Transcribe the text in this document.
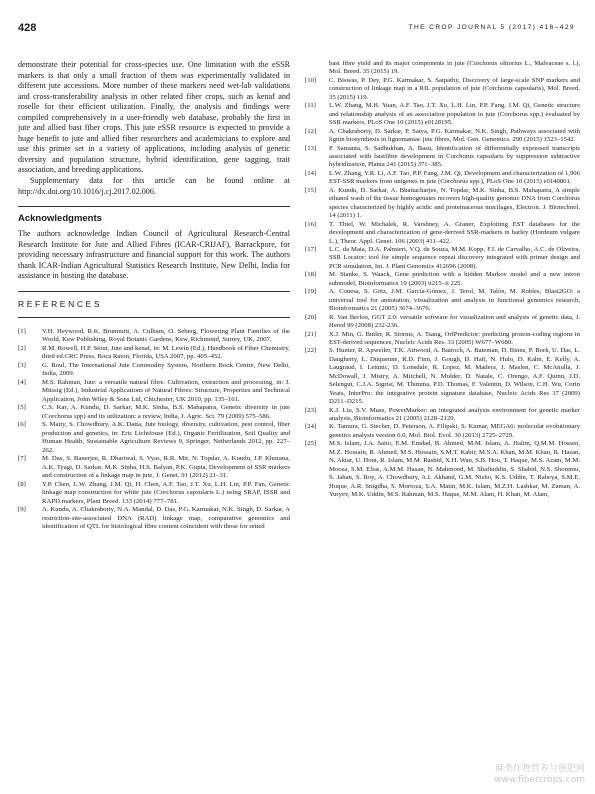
428	THE CROP JOURNAL 5 (2017) 416–429

demonstrate their potential for cross-species use. One limitation with the eSSR markers is that only a small fraction of them was experimentally validated in different jute accessions. More number of these markers need wet-lab validations and cross-transferability analysis in other related fiber crops, such as kenaf and roselle for their efficient utilization. Finally, the analysis and findings were compiled comprehensively in a user-friendly web database, probably the first in jute and allied bast fiber crops. This jute eSSR resource is expected to provide a huge benefit to jute and allied fiber researchers and academicians to explore and use this primer set in a variety of applications, including analysis of genetic diversity and population structure, hybrid identification, gene tagging, trait association, and breeding applications.

Supplementary data for this article can be found online at http://dx.doi.org/10.1016/j.cj.2017.02.006.

Acknowledgments

The authors acknowledge Indian Council of Agricultural Research-Central Research Institute for Jute and Allied Fibres (ICAR-CRIJAF), Barrackpore, for providing necessary infrastructure and financial support for this work. The authors thank ICAR-Indian Agricultural Statistics Research Institute, New Delhi, India for assistance in hosting the database.

REFERENCES
[1] V.H. Heywood, R.K. Brummitt, A. Culham, O. Seberg, Flowering Plant Families of the World, Kew Publishing, Royal Botanic Gardens, Kew, Richmond, Surrey, UK, 2007.
[2] R.M. Rowell, H.P. Stout, Jute and kenaf, in: M. Lewin (Ed.), Handbook of Fiber Chemistry, third ed.CRC Press, Boca Raton, Florida, USA 2007, pp. 405–452.
[3] G. Roul, The International Jute Commodity System, Northern Book Centre, New Delhi, India, 2009.
[4] M.S. Rahman, Jute: a versatile natural fibre. Cultivation, extraction and processing, in: J. Müssig (Ed.), Industrial Applications of Natural Fibres: Structure, Properties and Technical Application, John Wiley & Sons Ltd, Chichester, UK 2010, pp. 135–161.
[5] C.S. Kar, A. Kundu, D. Sarkar, M.K. Sinha, B.S. Mahapatra, Genetic diversity in jute (Corchorus spp) and its utilization: a review, India, J. Agric. Sci. 79 (2009) 575–586.
[6] S. Maity, S. Chowdhury, A.K. Datta, Jute biology, diversity, cultivation, pest control, fiber production and genetics, in: Eric Lichtfouse (Ed.), Organic Fertilization, Soil Quality and Human Health, Sustainable Agriculture Reviews 9, Springer, Netherlands 2012, pp. 227–262.
[7] M. Das, S. Banerjee, R. Dhariwal, S. Vyas, R.R. Mir, N. Topdar, A. Kundu, J.P. Khurana, A.K. Tyagi, D. Sarkar, M.K. Sinha, H.S. Balyan, P.K. Gupta, Development of SSR markers and construction of a linkage map in jute, J. Genet. 91 (2012) 21–31.
[8] Y.P. Chen, L.W. Zhang, J.M. Qi, H. Chen, A.F. Tao, J.T. Xu, L.H. Lin, P.P. Fan, Genetic linkage map construction for white jute (Corchorus capsularis L.) using SRAP, ISSR and RAPD markers, Plant Breed. 133 (2014) 777–781.
[9] A. Kundu, A. Chakraborty, N.A. Mandal, D. Das, P.G. Karmakar, N.K. Singh, D. Sarkar, A restriction-site-associated DNA (RAD) linkage map, comparative genomics and identification of QTL for histological fibre content coincident with those for retted
bast fibre yield and its major components in jute (Corchorus olitorius L., Malvaceae s. l.), Mol. Breed. 35 (2015) 19.
[10] C. Biswas, P. Dey, P.G. Karmakar, S. Satpathy, Discovery of large-scale SNP markers and construction of linkage map in a RIL population of jute (Corchorus capsularis), Mol. Breed. 35 (2015) 119.
[11] L.W. Zhang, M.H. Yuan, A.F. Tao, J.T. Xu, L.H. Lin, P.P. Fang, J.M. Qi, Genetic structure and relationship analysis of an association population in jute (Corchorus spp.) evaluated by SSR markers, PLoS One 10 (2015) e0128195.
[12] A. Chakraborty, D. Sarkar, P. Satya, P.G. Karmakar, N.K. Singh, Pathways associated with lignin biosynthesis in lignomaniac jute fibres, Mol. Gen. Genomics. 290 (2015) 1523–1542.
[13] P. Samanta, S. Sadhukhan, A. Basu, Identification of differentially expressed transcripts associated with bastfibre development in Corchorus capsularis by suppression subtractive hybridization, Planta 241 (2015) 371–385.
[14] L.W. Zhang, Y.R. Li, A.F. Tao, P.P. Fang, J.M. Qi, Development and characterization of 1,906 EST-SSR markers from unigenes in jute (Corchorus spp.), PLoS One 10 (2015) e0140861.
[15] A. Kundu, D. Sarkar, A. Bhattacharjee, N. Topdar, M.K. Sinha, B.S. Mahapatra, A simple ethanol wash of the tissue homogenates recovers high-quality genomic DNA from Corchorus species characterized by highly acidic and proteinaceous mucilages, Electron. J. Biotechnol. 14 (2011) 1.
[16] T. Thiel, W. Michalek, R. Varshney, A. Graner, Exploiting EST databases for the development and characterization of gene-derived SSR-markers in barley (Hordeum vulgare L.), Theor. Appl. Genet. 106 (2003) 411–422.
[17] L.C. da Maia, D.A. Palmieri, V.Q. de Souza, M.M. Kopp, F.I. de Carvalho, A.C. de Oliveira, SSR Locator: tool for simple sequence repeat discovery integrated with primer design and PCR simulation, Int. J. Plant Genomics 412696 (2008).
[18] M. Stanke, S. Waack, Gene prediction with a hidden Markov model and a new intron submodel, Bioinformatics 19 (2003) ii215–ii 225.
[19] A. Conesa, S. Götz, J.M. García-Gómez, J. Terol, M. Talón, M. Robles, Blast2GO: a universal tool for annotation, visualization and analysis in functional genomics research, Bioinformatics 21 (2005) 3674–3676.
[20] R. Van Berloo, GGT 2.0: versatile software for visualization and analysis of genetic data, J. Hered 99 (2008) 232-236.
[21] X.J. Min, G. Butler, R. Storms, A. Tsang, OrfPredictor: predicting protein-coding regions in EST-derived sequences, Nucleic Acids Res. 33 (2005) W677–W680.
[22] S. Hunter, R. Apweiler, T.K. Attwood, A. Bairoch, A. Bateman, D. Binns, P. Bork, U. Das, L. Daugherty, L. Duquenne, R.D. Finn, J. Gough, D. Haft, N. Hulo, D. Kahn, E. Kelly, A. Laugraud, I. Letunic, D. Lonsdale, R. Lopez, M. Madera, J. Maslen, C. McAnulla, J. McDowall, J. Mistry, A. Mitchell, N. Mulder, D. Natale, C. Orengo, A.F. Quinn, J.D. Selengut, C.J.A. Sigrist, M. Thimma, P.D. Thomas, F. Valentin, D. Wilson, C.H. Wu, Corin Yeats, InterPro: the integrative protein signature database, Nucleic Acids Res 37 (2009) D211–D215.
[23] K.J. Liu, S.V. Muse, PowerMarker: an integrated analysis environment for genetic marker analysis, Bioinformatics 21 (2005) 2128–2129.
[24] K. Tamura, G. Stecher, D. Peterson, A. Filipski, S. Kumar, MEGA6: molecular evolutionary genetics analysis version 6.0, Mol. Biol. Evol. 30 (2013) 2725–2729.
[25] M.S. Islam, J.A. Saito, E.M. Emdad, B. Ahmed, M.M. Islam, A. Halim, Q.M.M. Hossen, M.Z. Hossain, R. Ahmed, M.S. Hossain, S.M.T. Kabir, M.S.A. Khan, M.M. Khan, R. Hasan, N. Aktar, U. Honi, R. Islam, M.M. Rashid, X.H. Wan, S.B. Hou, T. Haque, M.S. Azam, M.M. Moosa, S.M. Elias, A.M.M. Hasan, N. Mahmood, M. Shafiuddin, S. Shahid, N.S. Shommu, S. Jahan, S. Roy, A. Chowdhury, A.I. Akhand, G.M. Nisho, K.S. Uddin, T. Rabeya, S.M.E. Hoque, A.R. Snigdha, S. Mortoza, S.A. Matin, M.K. Islam, M.Z.H. Lashkar, M. Zaman, A. Yuryev, M.K. Uddin, M.S. Rahman, M.S. Haque, M.M. Alam, H. Khan, M. Alam,
麻类作物营养与施肥网
www.fibercrops.com
